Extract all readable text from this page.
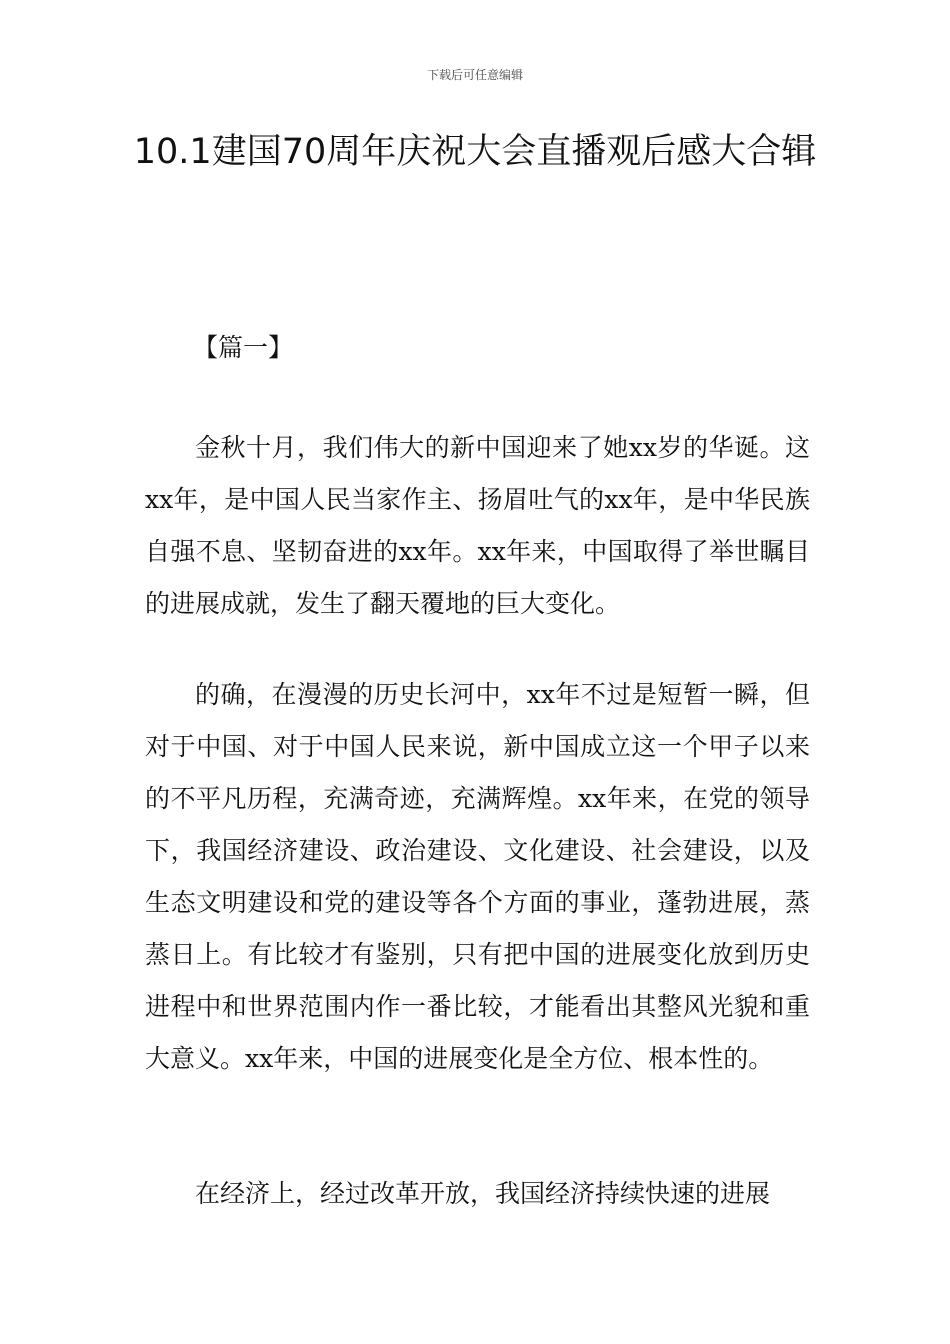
下载后可任意编辑
10.1建国70周年庆祝大会直播观后感大合辑

【篇一】

金秋十月，我们伟大的新中国迎来了她xx岁的华诞。这xx年，是中国人民当家作主、扬眉吐气的xx年，是中华民族自强不息、坚韧奋进的xx年。xx年来，中国取得了举世瞩目的进展成就，发生了翻天覆地的巨大变化。

的确，在漫漫的历史长河中，xx年不过是短暂一瞬，但对于中国、对于中国人民来说，新中国成立这一个甲子以来的不平凡历程，充满奇迹，充满辉煌。xx年来，在党的领导下，我国经济建设、政治建设、文化建设、社会建设，以及生态文明建设和党的建设等各个方面的事业，蓬勃进展，蒸蒸日上。有比较才有鉴别，只有把中国的进展变化放到历史进程中和世界范围内作一番比较，才能看出其整风光貌和重大意义。xx年来，中国的进展变化是全方位、根本性的。

在经济上，经过改革开放，我国经济持续快速的进展
